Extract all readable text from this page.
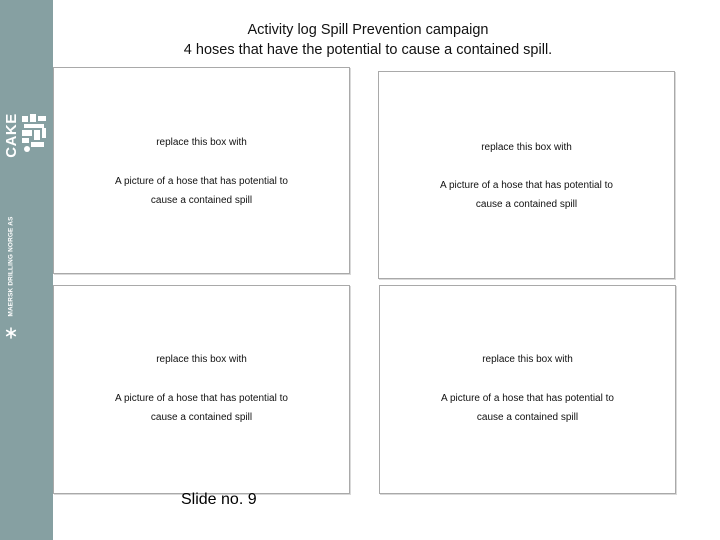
CAKE
MAERSK DRILLING NORGE AS
Activity log Spill Prevention campaign
4 hoses that have the potential to cause a contained spill.
replace this box with
A picture of a hose that has potential to
cause a contained spill
replace this box with
A picture of a hose that has potential to
cause a contained spill
replace this box with
A picture of a hose that has potential to
cause a contained spill
replace this box with
A picture of a hose that has potential to
cause a contained spill
Slide no. 9
